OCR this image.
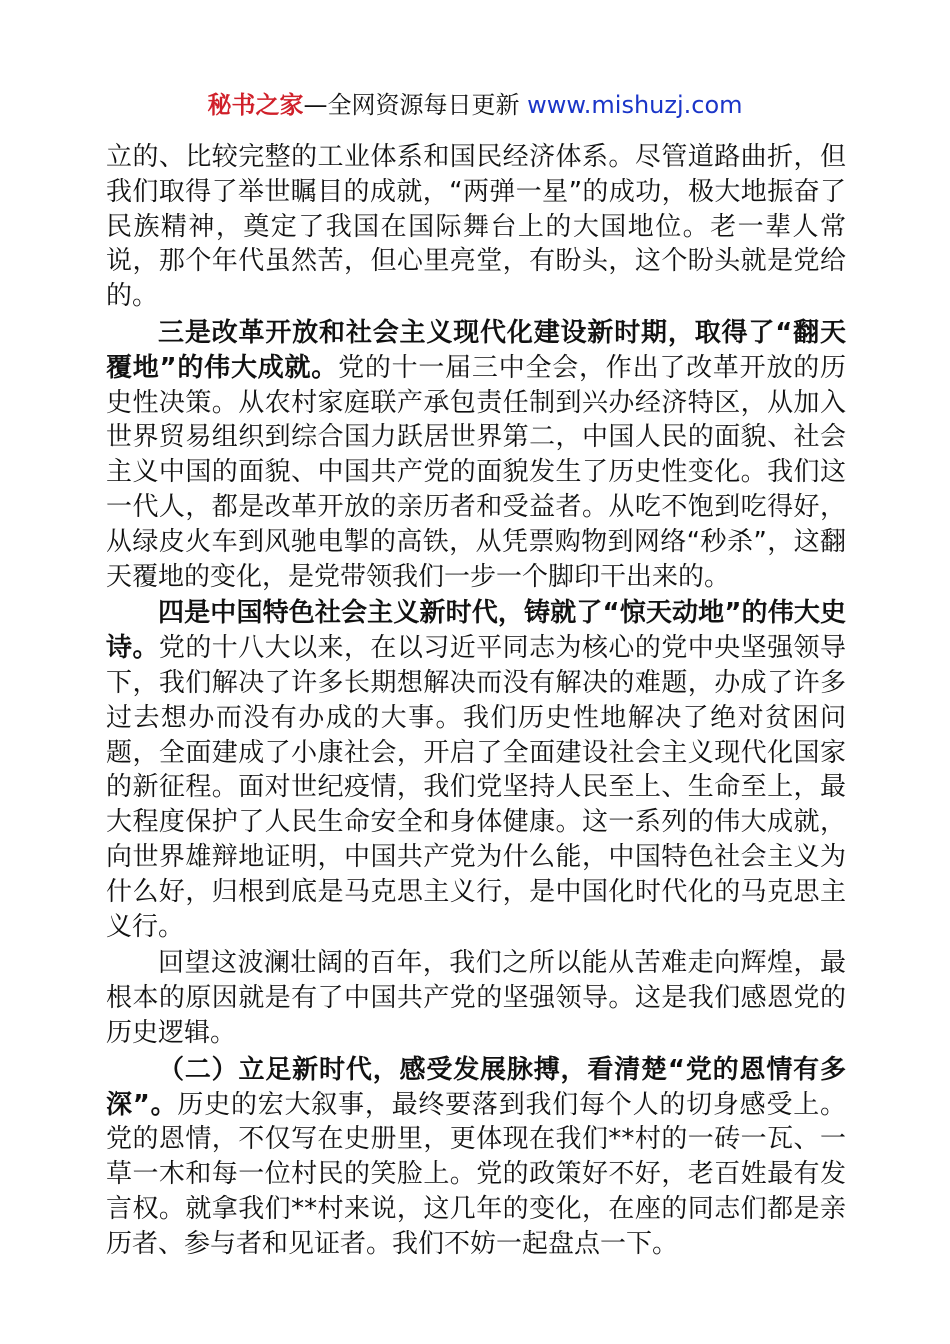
秘书之家—全网资源每日更新 www.mishuzj.com

立的、比较完整的工业体系和国民经济体系。尽管道路曲折，但我们取得了举世瞩目的成就，“两弹一星”的成功，极大地振奋了民族精神，奠定了我国在国际舞台上的大国地位。老一辈人常说，那个年代虽然苦，但心里亮堂，有盼头，这个盼头就是党给的。

三是改革开放和社会主义现代化建设新时期，取得了“翻天覆地”的伟大成就。党的十一届三中全会，作出了改革开放的历史性决策。从农村家庭联产承包责任制到兴办经济特区，从加入世界贸易组织到综合国力跃居世界第二，中国人民的面貌、社会主义中国的面貌、中国共产党的面貌发生了历史性变化。我们这一代人，都是改革开放的亲历者和受益者。从吃不饱到吃得好，从绿皮火车到风驰电掣的高铁，从凭票购物到网络“秒杀”，这翻天覆地的变化，是党带领我们一步一个脚印干出来的。

四是中国特色社会主义新时代，铸就了“惊天动地”的伟大史诗。党的十八大以来，在以习近平同志为核心的党中央坚强领导下，我们解决了许多长期想解决而没有解决的难题，办成了许多过去想办而没有办成的大事。我们历史性地解决了绝对贫困问题，全面建成了小康社会，开启了全面建设社会主义现代化国家的新征程。面对世纪疫情，我们党坚持人民至上、生命至上，最大程度保护了人民生命安全和身体健康。这一系列的伟大成就，向世界雄辩地证明，中国共产党为什么能，中国特色社会主义为什么好，归根到底是马克思主义行，是中国化时代化的马克思主义行。

回望这波澜壮阔的百年，我们之所以能从苦难走向辉煌，最根本的原因就是有了中国共产党的坚强领导。这是我们感恩党的历史逻辑。

（二）立足新时代，感受发展脉搏，看清楚“党的恩情有多深”。历史的宏大叙事，最终要落到我们每个人的切身感受上。党的恩情，不仅写在史册里，更体现在我们**村的一砖一瓦、一草一木和每一位村民的笑脸上。党的政策好不好，老百姓最有发言权。就拿我们**村来说，这几年的变化，在座的同志们都是亲历者、参与者和见证者。我们不妨一起盘点一下。
